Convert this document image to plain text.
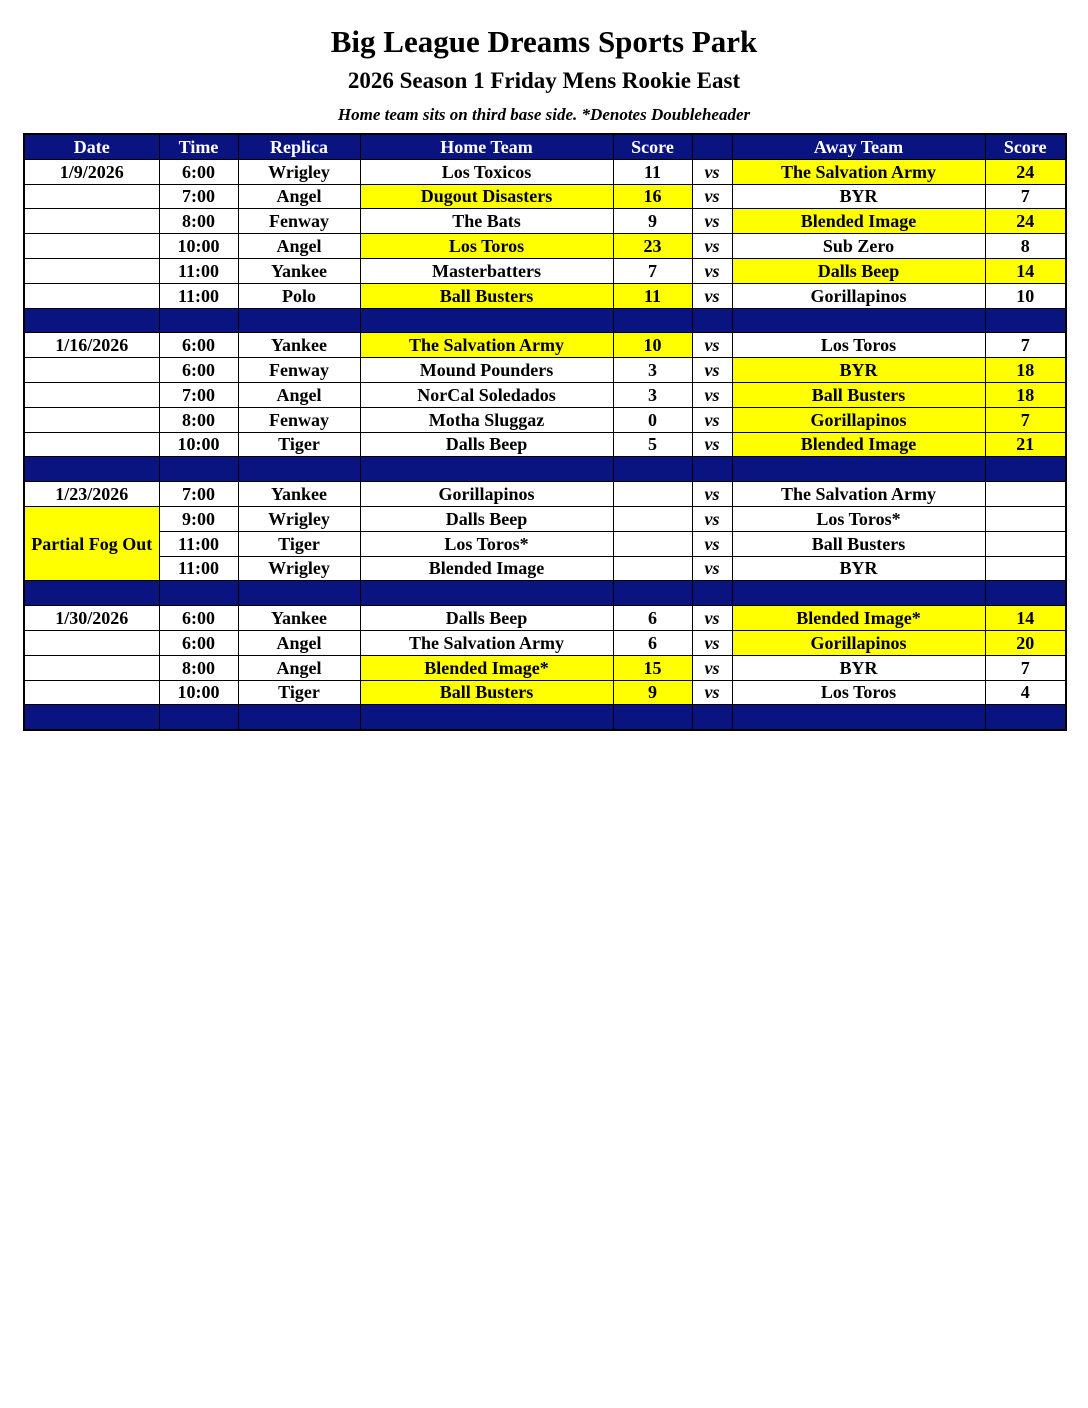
Big League Dreams Sports Park
2026 Season 1 Friday Mens Rookie East
Home team sits on third base side. *Denotes Doubleheader
Date	Time	Replica	Home Team	Score		Away Team	Score
1/9/2026	6:00	Wrigley	Los Toxicos	11	vs	The Salvation Army	24
	7:00	Angel	Dugout Disasters	16	vs	BYR	7
	8:00	Fenway	The Bats	9	vs	Blended Image	24
	10:00	Angel	Los Toros	23	vs	Sub Zero	8
	11:00	Yankee	Masterbatters	7	vs	Dalls Beep	14
	11:00	Polo	Ball Busters	11	vs	Gorillapinos	10

1/16/2026	6:00	Yankee	The Salvation Army	10	vs	Los Toros	7
	6:00	Fenway	Mound Pounders	3	vs	BYR	18
	7:00	Angel	NorCal Soledados	3	vs	Ball Busters	18
	8:00	Fenway	Motha Sluggaz	0	vs	Gorillapinos	7
	10:00	Tiger	Dalls Beep	5	vs	Blended Image	21

1/23/2026	7:00	Yankee	Gorillapinos		vs	The Salvation Army	
Partial Fog Out	9:00	Wrigley	Dalls Beep		vs	Los Toros*	
	11:00	Tiger	Los Toros*		vs	Ball Busters	
	11:00	Wrigley	Blended Image		vs	BYR	

1/30/2026	6:00	Yankee	Dalls Beep	6	vs	Blended Image*	14
	6:00	Angel	The Salvation Army	6	vs	Gorillapinos	20
	8:00	Angel	Blended Image*	15	vs	BYR	7
	10:00	Tiger	Ball Busters	9	vs	Los Toros	4
